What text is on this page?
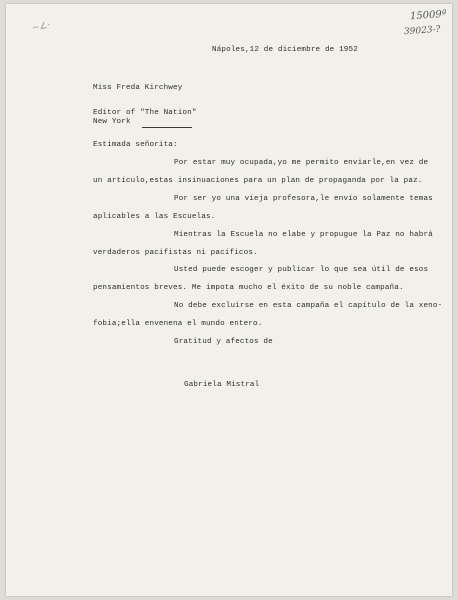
~∠·
15009ª
39023-?
Nápoles,12 de diciembre de 1952
Miss Freda Kirchwey
Editor of "The Nation"
New York
Estimada señorita:
Por estar muy ocupada,yo me permito enviarle,en vez de
un artículo,estas insinuaciones para un plan de propaganda por la paz.
Por ser yo una vieja profesora,le envío solamente temas
aplicables a las Escuelas.
Mientras la Escuela no elabe y propugue la Paz no habrá
verdaderos pacifistas ni pacíficos.
Usted puede escoger y publicar lo que sea útil de esos
pensamientos breves. Me impota mucho el éxito de su noble campaña.
No debe excluirse en esta campaña el capítulo de la xeno-
fobia;ella envenena el mundo entero.
Gratitud y afectos de
Gabriela Mistral
